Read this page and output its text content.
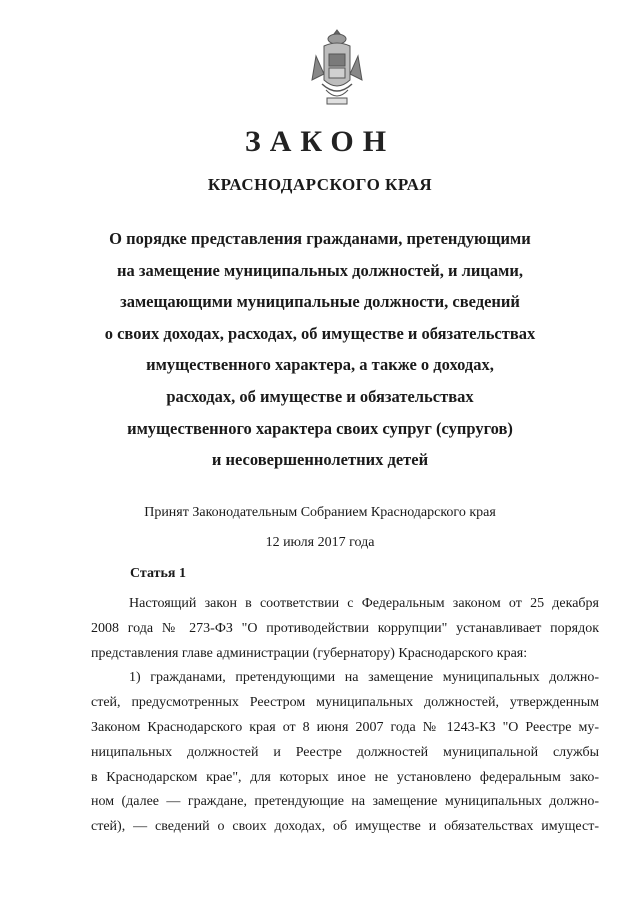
ЗАКОН
КРАСНОДАРСКОГО КРАЯ
О порядке представления гражданами, претендующими
на замещение муниципальных должностей, и лицами,
замещающими муниципальные должности, сведений
о своих доходах, расходах, об имуществе и обязательствах
имущественного характера, а также о доходах,
расходах, об имуществе и обязательствах
имущественного характера своих супруг (супругов)
и несовершеннолетних детей
Принят Законодательным Собранием Краснодарского края
12 июля 2017 года
Статья 1
Настоящий закон в соответствии с Федеральным законом от 25 декабря
2008 года № 273-ФЗ "О противодействии коррупции" устанавливает порядок
представления главе администрации (губернатору) Краснодарского края:
1) гражданами, претендующими на замещение муниципальных должно-
стей, предусмотренных Реестром муниципальных должностей, утвержденным
Законом Краснодарского края от 8 июня 2007 года № 1243-КЗ "О Реестре му-
ниципальных должностей и Реестре должностей муниципальной службы
в Краснодарском крае", для которых иное не установлено федеральным зако-
ном (далее — граждане, претендующие на замещение муниципальных должно-
стей), — сведений о своих доходах, об имуществе и обязательствах имущест-
